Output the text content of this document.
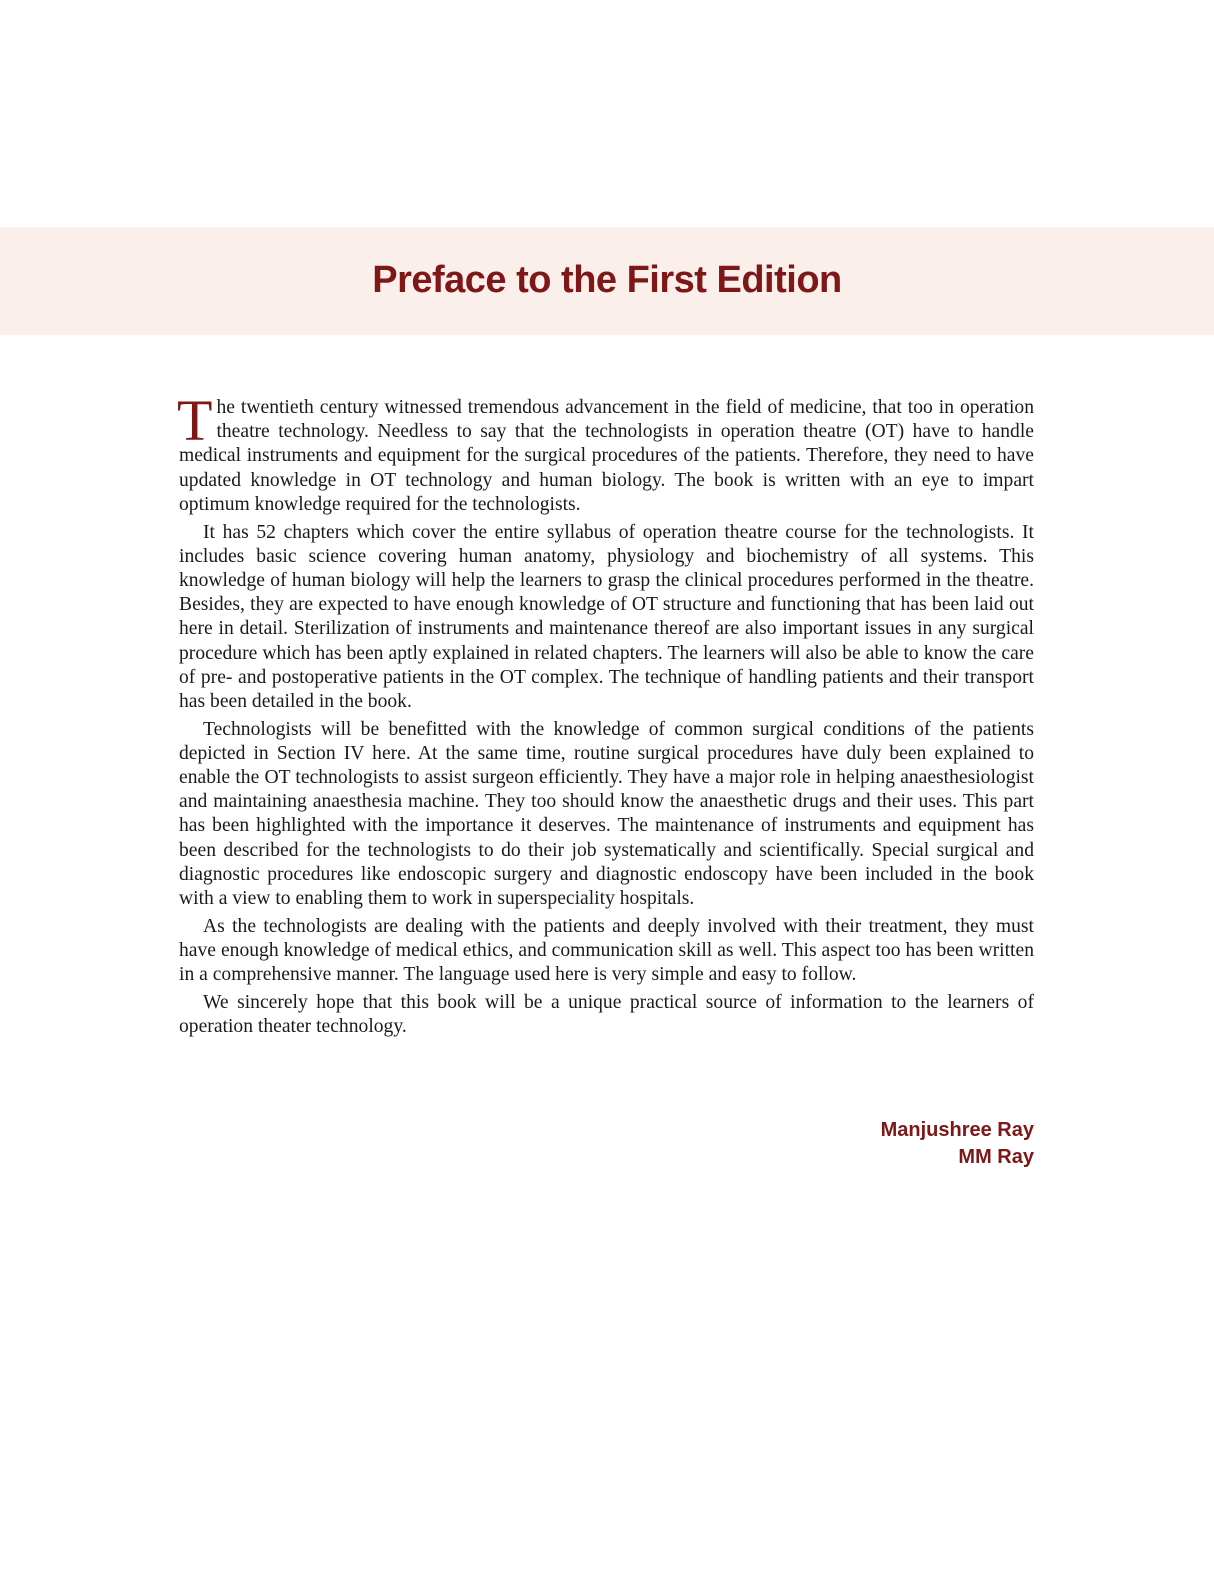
Preface to the First Edition

The twentieth century witnessed tremendous advancement in the field of medicine, that too in operation theatre technology. Needless to say that the technologists in operation theatre (OT) have to handle medical instruments and equipment for the surgical procedures of the patients. Therefore, they need to have updated knowledge in OT technology and human biology. The book is written with an eye to impart optimum knowledge required for the technologists.

It has 52 chapters which cover the entire syllabus of operation theatre course for the technologists. It includes basic science covering human anatomy, physiology and biochemistry of all systems. This knowledge of human biology will help the learners to grasp the clinical procedures performed in the theatre. Besides, they are expected to have enough knowledge of OT structure and functioning that has been laid out here in detail. Sterilization of instruments and maintenance thereof are also important issues in any surgical procedure which has been aptly explained in related chapters. The learners will also be able to know the care of pre- and postoperative patients in the OT complex. The technique of handling patients and their transport has been detailed in the book.

Technologists will be benefitted with the knowledge of common surgical conditions of the patients depicted in Section IV here. At the same time, routine surgical procedures have duly been explained to enable the OT technologists to assist surgeon efficiently. They have a major role in helping anaesthesiologist and maintaining anaesthesia machine. They too should know the anaesthetic drugs and their uses. This part has been highlighted with the importance it deserves. The maintenance of instruments and equipment has been described for the technologists to do their job systematically and scientifically. Special surgical and diagnostic procedures like endoscopic surgery and diagnostic endoscopy have been included in the book with a view to enabling them to work in superspeciality hospitals.

As the technologists are dealing with the patients and deeply involved with their treatment, they must have enough knowledge of medical ethics, and communication skill as well. This aspect too has been written in a comprehensive manner. The language used here is very simple and easy to follow.

We sincerely hope that this book will be a unique practical source of information to the learners of operation theater technology.

Manjushree Ray
MM Ray
